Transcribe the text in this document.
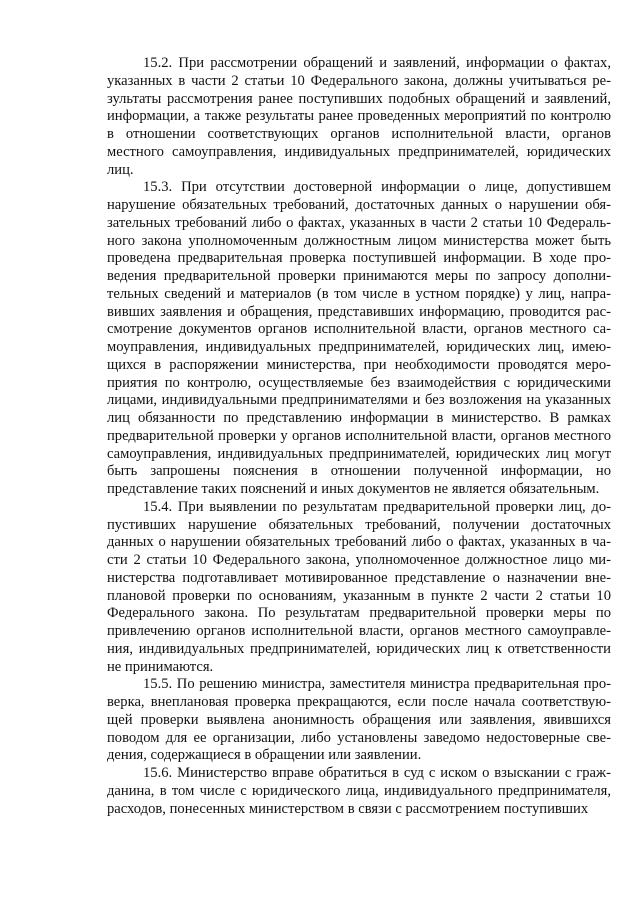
15.2. При рассмотрении обращений и заявлений, информации о фактах, указанных в части 2 статьи 10 Федерального закона, должны учитываться результаты рассмотрения ранее поступивших подобных обращений и заявлений, информации, а также результаты ранее проведенных мероприятий по контролю в отношении соответствующих органов исполнительной власти, органов местного самоуправления, индивидуальных предпринимателей, юридических лиц.

15.3. При отсутствии достоверной информации о лице, допустившем нарушение обязательных требований, достаточных данных о нарушении обязательных требований либо о фактах, указанных в части 2 статьи 10 Федерального закона уполномоченным должностным лицом министерства может быть проведена предварительная проверка поступившей информации. В ходе проведения предварительной проверки принимаются меры по запросу дополнительных сведений и материалов (в том числе в устном порядке) у лиц, направивших заявления и обращения, представивших информацию, проводится рассмотрение документов органов исполнительной власти, органов местного самоуправления, индивидуальных предпринимателей, юридических лиц, имеющихся в распоряжении министерства, при необходимости проводятся мероприятия по контролю, осуществляемые без взаимодействия с юридическими лицами, индивидуальными предпринимателями и без возложения на указанных лиц обязанности по представлению информации в министерство. В рамках предварительной проверки у органов исполнительной власти, органов местного самоуправления, индивидуальных предпринимателей, юридических лиц могут быть запрошены пояснения в отношении полученной информации, но представление таких пояснений и иных документов не является обязательным.

15.4. При выявлении по результатам предварительной проверки лиц, допустивших нарушение обязательных требований, получении достаточных данных о нарушении обязательных требований либо о фактах, указанных в части 2 статьи 10 Федерального закона, уполномоченное должностное лицо министерства подготавливает мотивированное представление о назначении внеплановой проверки по основаниям, указанным в пункте 2 части 2 статьи 10 Федерального закона. По результатам предварительной проверки меры по привлечению органов исполнительной власти, органов местного самоуправления, индивидуальных предпринимателей, юридических лиц к ответственности не принимаются.

15.5. По решению министра, заместителя министра предварительная проверка, внеплановая проверка прекращаются, если после начала соответствующей проверки выявлена анонимность обращения или заявления, явившихся поводом для ее организации, либо установлены заведомо недостоверные сведения, содержащиеся в обращении или заявлении.

15.6. Министерство вправе обратиться в суд с иском о взыскании с гражданина, в том числе с юридического лица, индивидуального предпринимателя, расходов, понесенных министерством в связи с рассмотрением поступивших
